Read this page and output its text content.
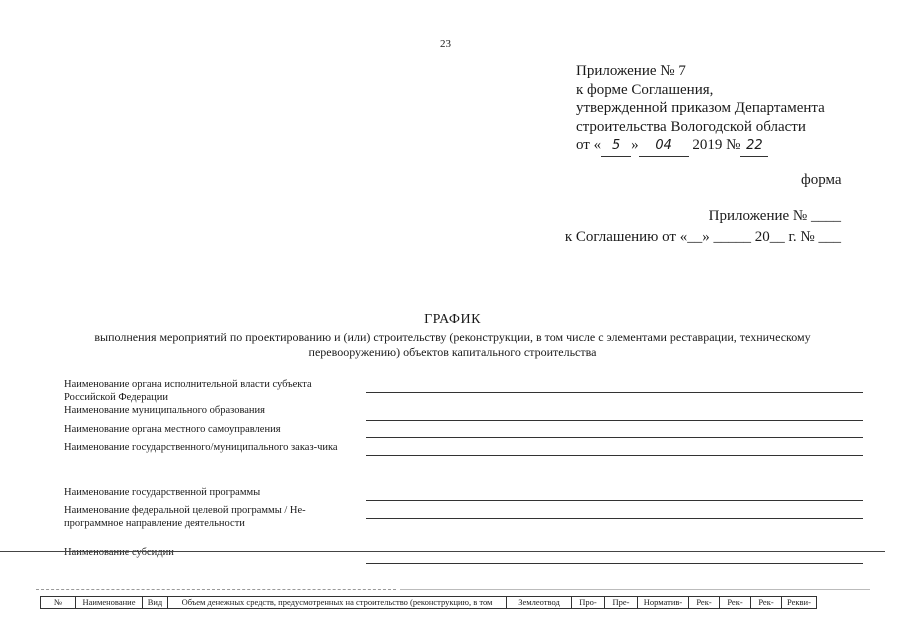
23
Приложение № 7
к форме Соглашения,
утвержденной приказом Департамента
строительства Вологодской области
от « 5 » 04 2019 № 22
форма
Приложение № ____
к Соглашению от «__» _____ 20__ г. № ___
ГРАФИК
выполнения мероприятий по проектированию и (или) строительству (реконструкции, в том числе с элементами реставрации, техническому перевооружению) объектов капитального строительства
Наименование органа исполнительной власти субъекта Российской Федерации
Наименование муниципального образования
Наименование органа местного самоуправления
Наименование государственного/муниципального заказ-чика
Наименование государственной программы
Наименование федеральной целевой программы / Не-программное направление деятельности
Наименование субсидии
№	Наименование	Вид	Объем денежных средств, предусмотренных на строительство (реконструкцию, в том	Землеотвод	Про-	Пре-	Норматив-	Рек-	Рек-	Рек-	Рекви-
